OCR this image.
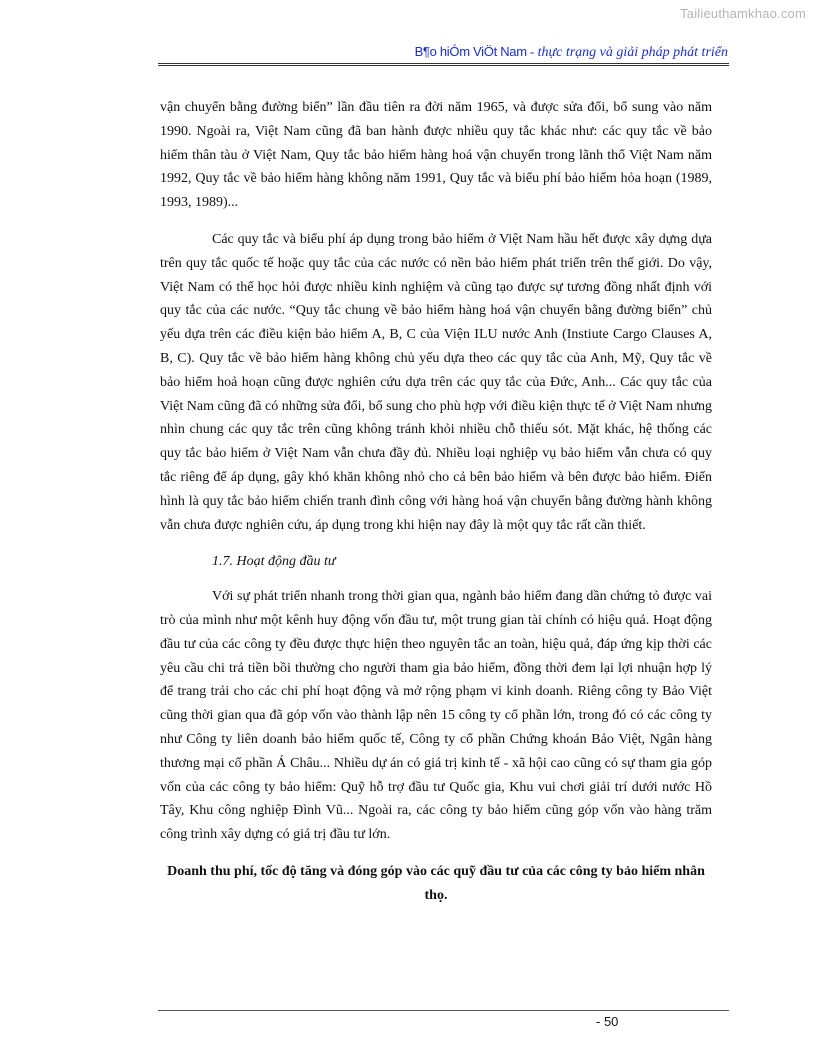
Tailieuthamkhao.com
B¶o hiÓm ViÖt Nam - thực trạng và giải pháp phát triển

vận chuyển bằng đường biển” lần đầu tiên ra đời năm 1965, và được sửa đổi, bổ sung vào năm 1990. Ngoài ra, Việt Nam cũng đã ban hành được nhiều quy tắc khác như: các quy tắc về bảo hiểm thân tàu ở Việt Nam, Quy tắc bảo hiểm hàng hoá vận chuyển trong lãnh thổ Việt Nam năm 1992, Quy tắc về bảo hiểm hàng không năm 1991, Quy tắc và biểu phí bảo hiểm hỏa hoạn (1989, 1993, 1989)...

Các quy tắc và biểu phí áp dụng trong bảo hiểm ở Việt Nam hầu hết được xây dựng dựa trên quy tắc quốc tế hoặc quy tắc của các nước có nền bảo hiểm phát triển trên thế giới. Do vậy, Việt Nam có thể học hỏi được nhiều kinh nghiệm và cũng tạo được sự tương đồng nhất định với quy tắc của các nước. “Quy tắc chung về bảo hiểm hàng hoá vận chuyển bằng đường biển” chủ yếu dựa trên các điều kiện bảo hiểm A, B, C của Viện ILU nước Anh (Instiute Cargo Clauses A, B, C). Quy tắc về bảo hiểm hàng không chủ yếu dựa theo các quy tắc của Anh, Mỹ, Quy tắc về bảo hiểm hoả hoạn cũng được nghiên cứu dựa trên các quy tắc của Đức, Anh... Các quy tắc của Việt Nam cũng đã có những sửa đổi, bổ sung cho phù hợp với điều kiện thực tế ở Việt Nam nhưng nhìn chung các quy tắc trên cũng không tránh khỏi nhiều chỗ thiếu sót. Mặt khác, hệ thống các quy tắc bảo hiểm ở Việt Nam vẫn chưa đầy đủ. Nhiều loại nghiệp vụ bảo hiểm vẫn chưa có quy tắc riêng để áp dụng, gây khó khăn không nhỏ cho cả bên bảo hiểm và bên được bảo hiểm. Điển hình là quy tắc bảo hiểm chiến tranh đình công với hàng hoá vận chuyển bằng đường hành không vẫn chưa được nghiên cứu, áp dụng trong khi hiện nay đây là một quy tắc rất cần thiết.

1.7. Hoạt động đầu tư

Với sự phát triển nhanh trong thời gian qua, ngành bảo hiểm đang dần chứng tỏ được vai trò của mình như một kênh huy động vốn đầu tư, một trung gian tài chính có hiệu quả. Hoạt động đầu tư của các công ty đều được thực hiện theo nguyên tắc an toàn, hiệu quả, đáp ứng kịp thời các yêu cầu chi trả tiền bồi thường cho người tham gia bảo hiểm, đồng thời đem lại lợi nhuận hợp lý để trang trải cho các chi phí hoạt động và mở rộng phạm vi kinh doanh. Riêng công ty Bảo Việt cũng thời gian qua đã góp vốn vào thành lập nên 15 công ty cổ phần lớn, trong đó có các công ty như Công ty liên doanh bảo hiểm quốc tế, Công ty cổ phần Chứng khoán Bảo Việt, Ngân hàng thương mại cổ phần Á Châu... Nhiều dự án có giá trị kinh tế - xã hội cao cũng có sự tham gia góp vốn của các công ty bảo hiểm: Quỹ hỗ trợ đầu tư Quốc gia, Khu vui chơi giải trí dưới nước Hồ Tây, Khu công nghiệp Đình Vũ... Ngoài ra, các công ty bảo hiểm cũng góp vốn vào hàng trăm công trình xây dựng có giá trị đầu tư lớn.

Doanh thu phí, tốc độ tăng và đóng góp vào các quỹ đầu tư của các công ty bảo hiểm nhân thọ.
- 50
